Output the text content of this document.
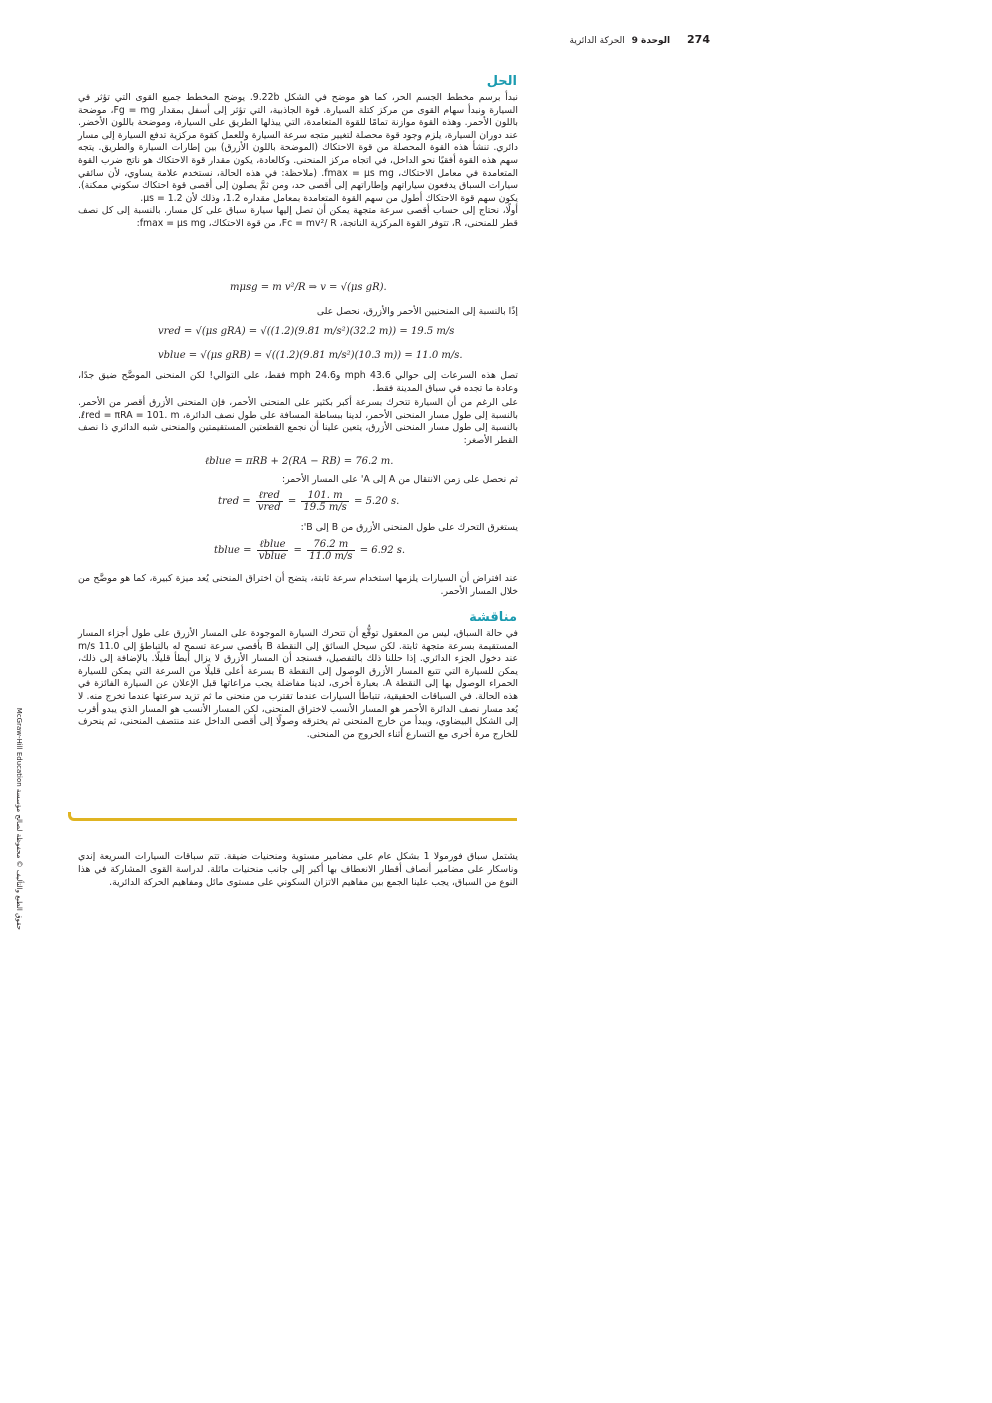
274 الوحدة 9 الحركة الدائرية
حقوق الطبع والتأليف © محفوظة لصالح مؤسسة McGraw-Hill Education
الحل

نبدأ برسم مخطط الجسم الحر، كما هو موضح في الشكل 9.22b. يوضح المخطط جميع القوى التي تؤثر في السيارة ونبدأ سهام القوى من مركز كتلة السيارة. قوة الجاذبية، التي تؤثر إلى أسفل بمقدار Fg = mg، موضحة باللون الأحمر. وهذه القوة موازنة تمامًا للقوة المتعامدة، التي يبذلها الطريق على السيارة، وموضحة باللون الأخضر. عند دوران السيارة، يلزم وجود قوة محصلة لتغيير متجه سرعة السيارة وللعمل كقوة مركزية تدفع السيارة إلى مسار دائري. تنشأ هذه القوة المحصلة من قوة الاحتكاك (الموضحة باللون الأزرق) بين إطارات السيارة والطريق. يتجه سهم هذه القوة أفقيًا نحو الداخل، في اتجاه مركز المنحنى. وكالعادة، يكون مقدار قوة الاحتكاك هو ناتج ضرب القوة المتعامدة في معامل الاحتكاك، fmax = μs mg. (ملاحظة: في هذه الحالة، نستخدم علامة يساوي، لأن سائقي سيارات السباق يدفعون سياراتهم وإطاراتهم إلى أقصى حد، ومن ثمَّ يصلون إلى أقصى قوة احتكاك سكوني ممكنة). يكون سهم قوة الاحتكاك أطول من سهم القوة المتعامدة بمعامل مقداره 1.2، وذلك لأن μs = 1.2.

أولًا، نحتاج إلى حساب أقصى سرعة متجهة يمكن أن تصل إليها سيارة سباق على كل مسار. بالنسبة إلى كل نصف قطر للمنحنى، R، تتوفر القوة المركزية الناتجة، Fc = mv²/ R، من قوة الاحتكاك، fmax = μs mg:

mμsg = m v²/R ⇒ v = √(μs gR).

إذًا بالنسبة إلى المنحنيين الأحمر والأزرق، نحصل على

vred = √(μs gRA) = √((1.2)(9.81 m/s²)(32.2 m)) = 19.5 m/s
vblue = √(μs gRB) = √((1.2)(9.81 m/s²)(10.3 m)) = 11.0 m/s.

تصل هذه السرعات إلى حوالي 43.6 mph و24.6 mph فقط، على التوالي! لكن المنحنى الموضَّح ضيق جدًا، وعادة ما تجده في سباق المدينة فقط.

على الرغم من أن السيارة تتحرك بسرعة أكبر بكثير على المنحنى الأحمر، فإن المنحنى الأزرق أقصر من الأحمر. بالنسبة إلى طول مسار المنحنى الأحمر، لدينا ببساطة المسافة على طول نصف الدائرة، ℓred = πRA = 101. m. بالنسبة إلى طول مسار المنحنى الأزرق، يتعين علينا أن نجمع القطعتين المستقيمتين والمنحنى شبه الدائري ذا نصف القطر الأصغر:

ℓblue = πRB + 2(RA − RB) = 76.2 m.

ثم نحصل على زمن الانتقال من A إلى A' على المسار الأحمر:

tred = $\frac{\text{ℓred}}{\text{vred}} = \frac{101. m}{19.5 m/s} = 5.20$ s.

يستغرق التحرك على طول المنحنى الأزرق من B إلى B':

tblue = $\frac{\text{ℓblue}}{\text{vblue}} = \frac{76.2 m}{11.0 m/s} = 6.92$ s.

عند افتراض أن السيارات يلزمها استخدام سرعة ثابتة، يتضح أن اختراق المنحنى يُعد ميزة كبيرة، كما هو موضَّح من خلال المسار الأحمر.

مناقشة

في حالة السباق، ليس من المعقول توقُّع أن تتحرك السيارة الموجودة على المسار الأزرق على طول أجزاء المسار المستقيمة بسرعة متجهة ثابتة. لكن سيحل السائق إلى النقطة B بأقصى سرعة تسمح له بالتباطؤ إلى 11.0 m/s عند دخول الجزء الدائري. إذا حللنا ذلك بالتفصيل، فسنجد أن المسار الأزرق لا يزال أبطأ قليلًا. بالإضافة إلى ذلك، يمكن للسيارة التي تتبع المسار الأزرق الوصول إلى النقطة B بسرعة أعلى قليلًا من السرعة التي يمكن للسيارة الحمراء الوصول بها إلى النقطة A. بعبارة أخرى، لدينا مفاضلة يجب مراعاتها قبل الإعلان عن السيارة الفائزة في هذه الحالة. في السباقات الحقيقية، تتباطأ السيارات عندما تقترب من منحنى ما ثم تزيد سرعتها عندما تخرج منه. لا يُعد مسار نصف الدائرة الأحمر هو المسار الأنسب لاختراق المنحنى، لكن المسار الأنسب هو المسار الذي يبدو أقرب إلى الشكل البيضاوي، ويبدأ من خارج المنحنى ثم يخترقه وصولًا إلى أقصى الداخل عند منتصف المنحنى، ثم ينحرف للخارج مرة أخرى مع التسارع أثناء الخروج من المنحنى.

يشتمل سباق فورمولا 1 بشكل عام على مضامير مستوية ومنحنيات ضيقة. تتم سباقات السيارات السريعة إندي وناسكار على مضامير أنصاف أقطار الانعطاف بها أكبر إلى جانب منحنيات مائلة. لدراسة القوى المشاركة في هذا النوع من السباق، يجب علينا الجمع بين مفاهيم الاتزان السكوني على مستوى مائل ومفاهيم الحركة الدائرية.
